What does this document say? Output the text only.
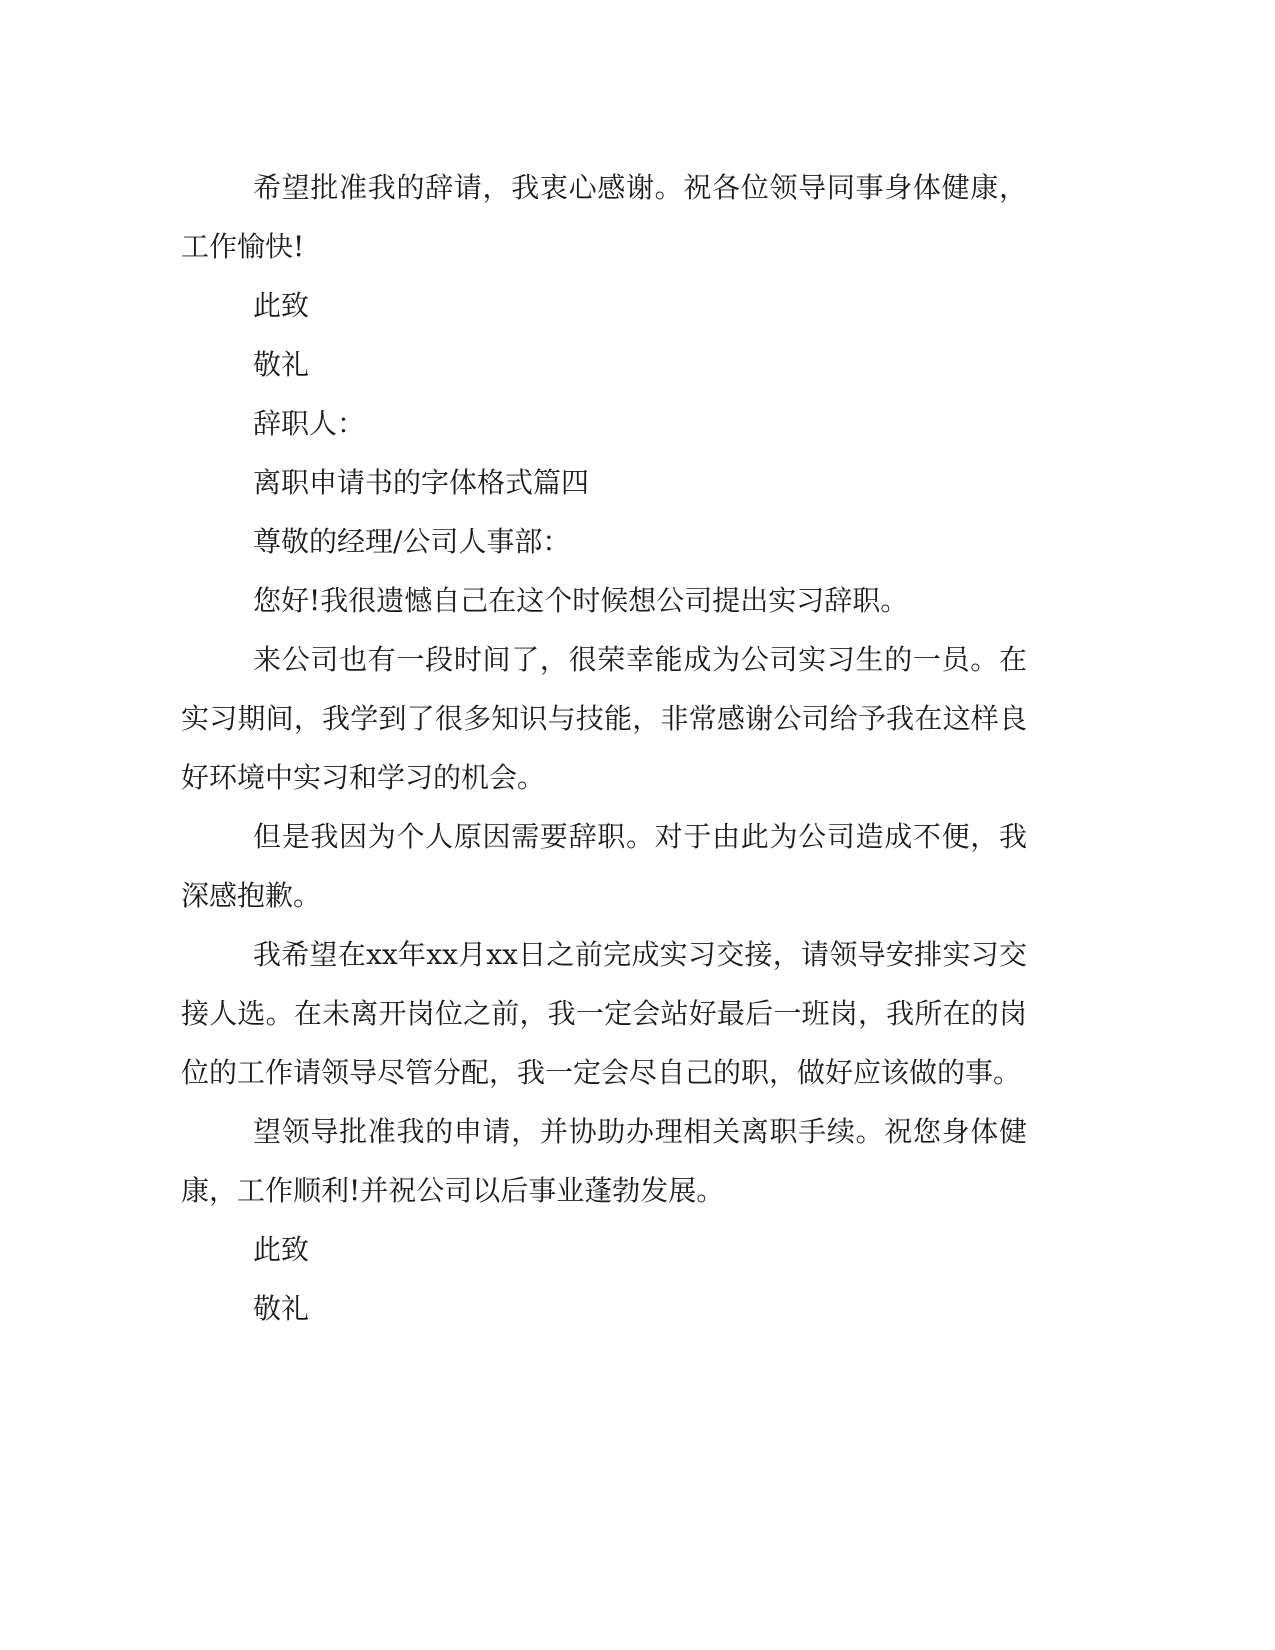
希望批准我的辞请，我衷心感谢。祝各位领导同事身体健康，工作愉快!

此致

敬礼

辞职人：

离职申请书的字体格式篇四

尊敬的经理/公司人事部：

您好!我很遗憾自己在这个时候想公司提出实习辞职。

来公司也有一段时间了，很荣幸能成为公司实习生的一员。在实习期间，我学到了很多知识与技能，非常感谢公司给予我在这样良好环境中实习和学习的机会。

但是我因为个人原因需要辞职。对于由此为公司造成不便，我深感抱歉。

我希望在xx年xx月xx日之前完成实习交接，请领导安排实习交接人选。在未离开岗位之前，我一定会站好最后一班岗，我所在的岗位的工作请领导尽管分配，我一定会尽自己的职，做好应该做的事。

望领导批准我的申请，并协助办理相关离职手续。祝您身体健康，工作顺利!并祝公司以后事业蓬勃发展。

此致

敬礼
